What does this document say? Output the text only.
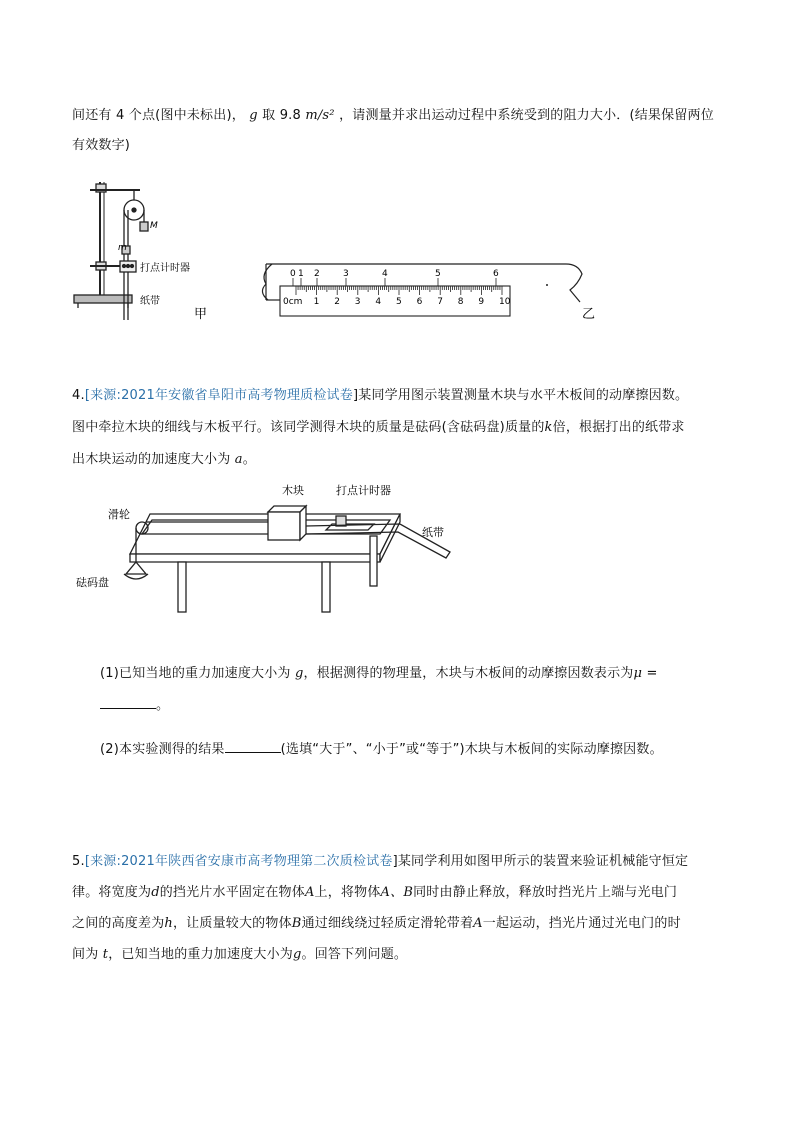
间还有 4 个点(图中未标出)， g 取 9.8 m/s² ，请测量并求出运动过程中系统受到的阻力大小．(结果保留两位
有效数字)
M
m
打点计时器
纸带
甲
0 1 2	3	4	5	6
1 2 3 4 5 6 7 8 9 10
0cm
乙
4.[来源:2021年安徽省阜阳市高考物理质检试卷]某同学用图示装置测量木块与水平木板间的动摩擦因数。
图中牵拉木块的细线与木板平行。该同学测得木块的质量是砝码(含砝码盘)质量的k倍，根据打出的纸带求
出木块运动的加速度大小为 a。
木块	打点计时器
滑轮
纸带
砝码盘
(1)已知当地的重力加速度大小为 g，根据测得的物理量，木块与木板间的动摩擦因数表示为μ =
。
(2)本实验测得的结果	(选填“大于”、“小于”或“等于”)木块与木板间的实际动摩擦因数。
5.[来源:2021年陕西省安康市高考物理第二次质检试卷]某同学利用如图甲所示的装置来验证机械能守恒定
律。将宽度为d的挡光片水平固定在物体A上，将物体A、B同时由静止释放，释放时挡光片上端与光电门
之间的高度差为h，让质量较大的物体B通过细线绕过轻质定滑轮带着A一起运动，挡光片通过光电门的时
间为 t，已知当地的重力加速度大小为g。回答下列问题。
